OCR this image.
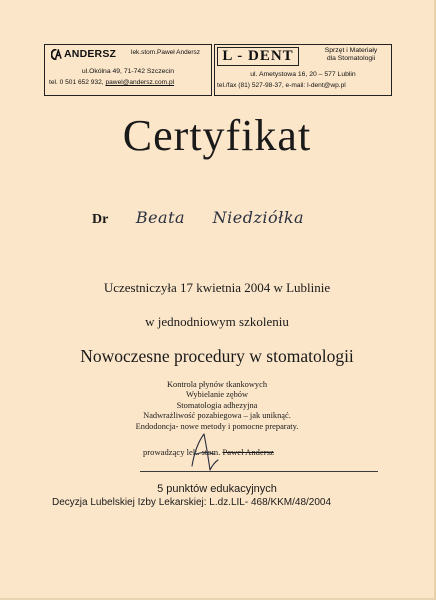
ANDERSZ lek.stom.Paweł Andersz
ul.Okólna 49, 71-742 Szczecin
tel. 0 501 652 932, pawel@andersz.com.pl
L - DENT	Sprzęt i Materiały
dla Stomatologii
ul. Ametystowa 16, 20 – 577 Lublin
tel./fax (81) 527-98-37, e-mail: l-dent@wp.pl
Certyfikat
Dr Beata Niedziółka
Uczestniczyła 17 kwietnia 2004 w Lublinie
w jednodniowym szkoleniu
Nowoczesne procedury w stomatologii
Kontrola płynów tkankowych
Wybielanie zębów
Stomatologia adhezyjna
Nadwrażliwość pozabiegowa – jak uniknąć.
Endodoncja- nowe metody i pomocne preparaty.
prowadzący lek. stom. Paweł Andersz
5 punktów edukacyjnych
Decyzja Lubelskiej Izby Lekarskiej: L.dz.LIL- 468/KKM/48/2004
